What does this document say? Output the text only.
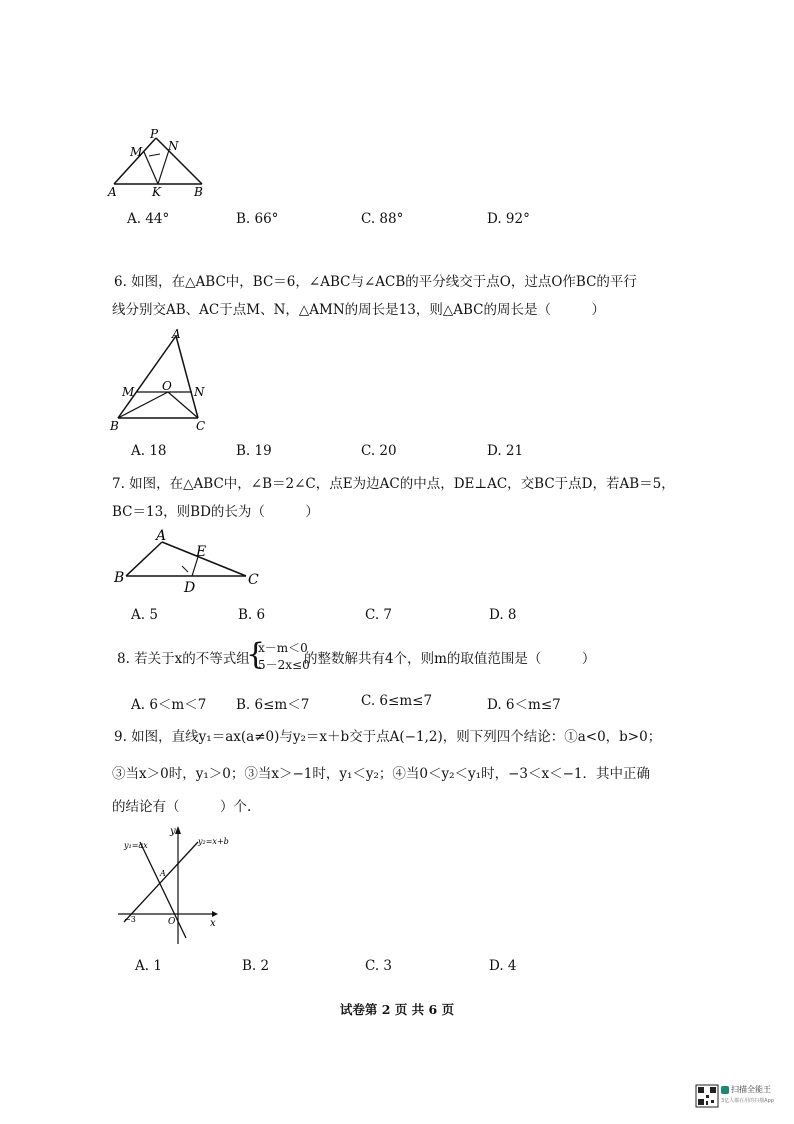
P
M N
A	K	B
A. 44°	B. 66°	C. 88°	D. 92°
6. 如图，在△ABC中，BC＝6，∠ABC与∠ACB的平分线交于点O，过点O作BC的平行
线分别交AB、AC于点M、N，△AMN的周长是13，则△ABC的周长是（　　　）
A
M O N
B	C
A. 18	B. 19	C. 20	D. 21
7. 如图，在△ABC中，∠B＝2∠C，点E为边AC的中点，DE⊥AC，交BC于点D，若AB＝5，
BC＝13，则BD的长为（　　　）
A
E
B
D	C
A. 5	B. 6	C. 7	D. 8
8. 若关于x的不等式组
{
x－m＜0
5－2x≤0
的整数解共有4个，则m的取值范围是（　　　）
A. 6＜m＜7 B. 6≤m＜7	C. 6≤m≤7	D. 6＜m≤7
9. 如图，直线y₁＝ax(a≠0)与y₂＝x＋b交于点A(−1,2)，则下列四个结论：①a<0，b>0；
③当x＞0时，y₁＞0；③当x＞−1时，y₁＜y₂；④当0＜y₂＜y₁时，−3＜x＜−1．其中正确
的结论有（　　　）个.
y₁=ax	y₂=x+b
y
x
A
O
−3
A. 1	B. 2	C. 3	D. 4
试卷第 2 页 共 6 页
扫描全能王
3亿人都在用的扫描App
